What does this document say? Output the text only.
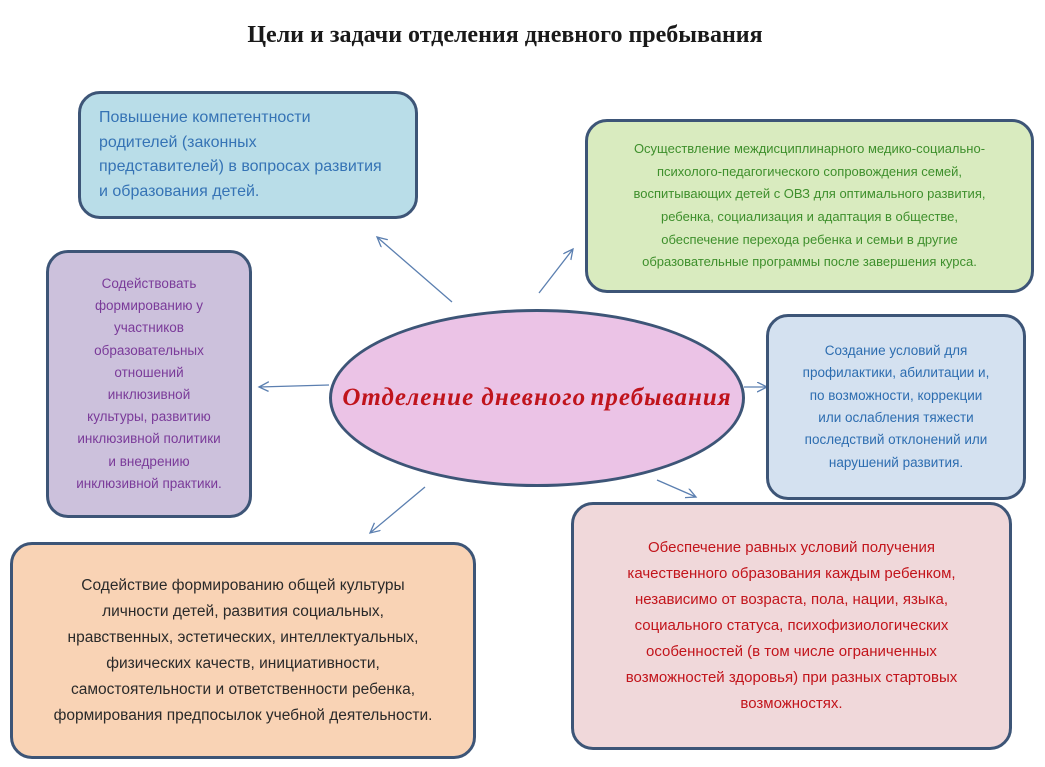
Цели и задачи отделения дневного пребывания
Повышение компетентности
родителей (законных
представителей) в вопросах развития
и образования детей.
Осуществление междисциплинарного медико-социально-
психолого-педагогического сопровождения семей,
воспитывающих детей с ОВЗ для оптимального развития,
ребенка, социализация и адаптация в обществе,
обеспечение перехода ребенка и семьи в другие
образовательные программы после завершения курса.
Содействовать
формированию у
участников
образовательных
отношений
инклюзивной
культуры, развитию
инклюзивной политики
и внедрению
инклюзивной практики.
Создание условий для
профилактики, абилитации и,
по возможности, коррекции
или ослабления тяжести
последствий отклонений или
нарушений развития.
Содействие формированию общей культуры
личности детей, развития социальных,
нравственных, эстетических, интеллектуальных,
физических качеств, инициативности,
самостоятельности и ответственности ребенка,
формирования предпосылок учебной деятельности.
Обеспечение равных условий получения
качественного образования каждым ребенком,
независимо от возраста, пола, нации, языка,
социального статуса, психофизиологических
особенностей (в том числе ограниченных
возможностей здоровья) при разных стартовых
возможностях.
Отделение дневного пребывания
